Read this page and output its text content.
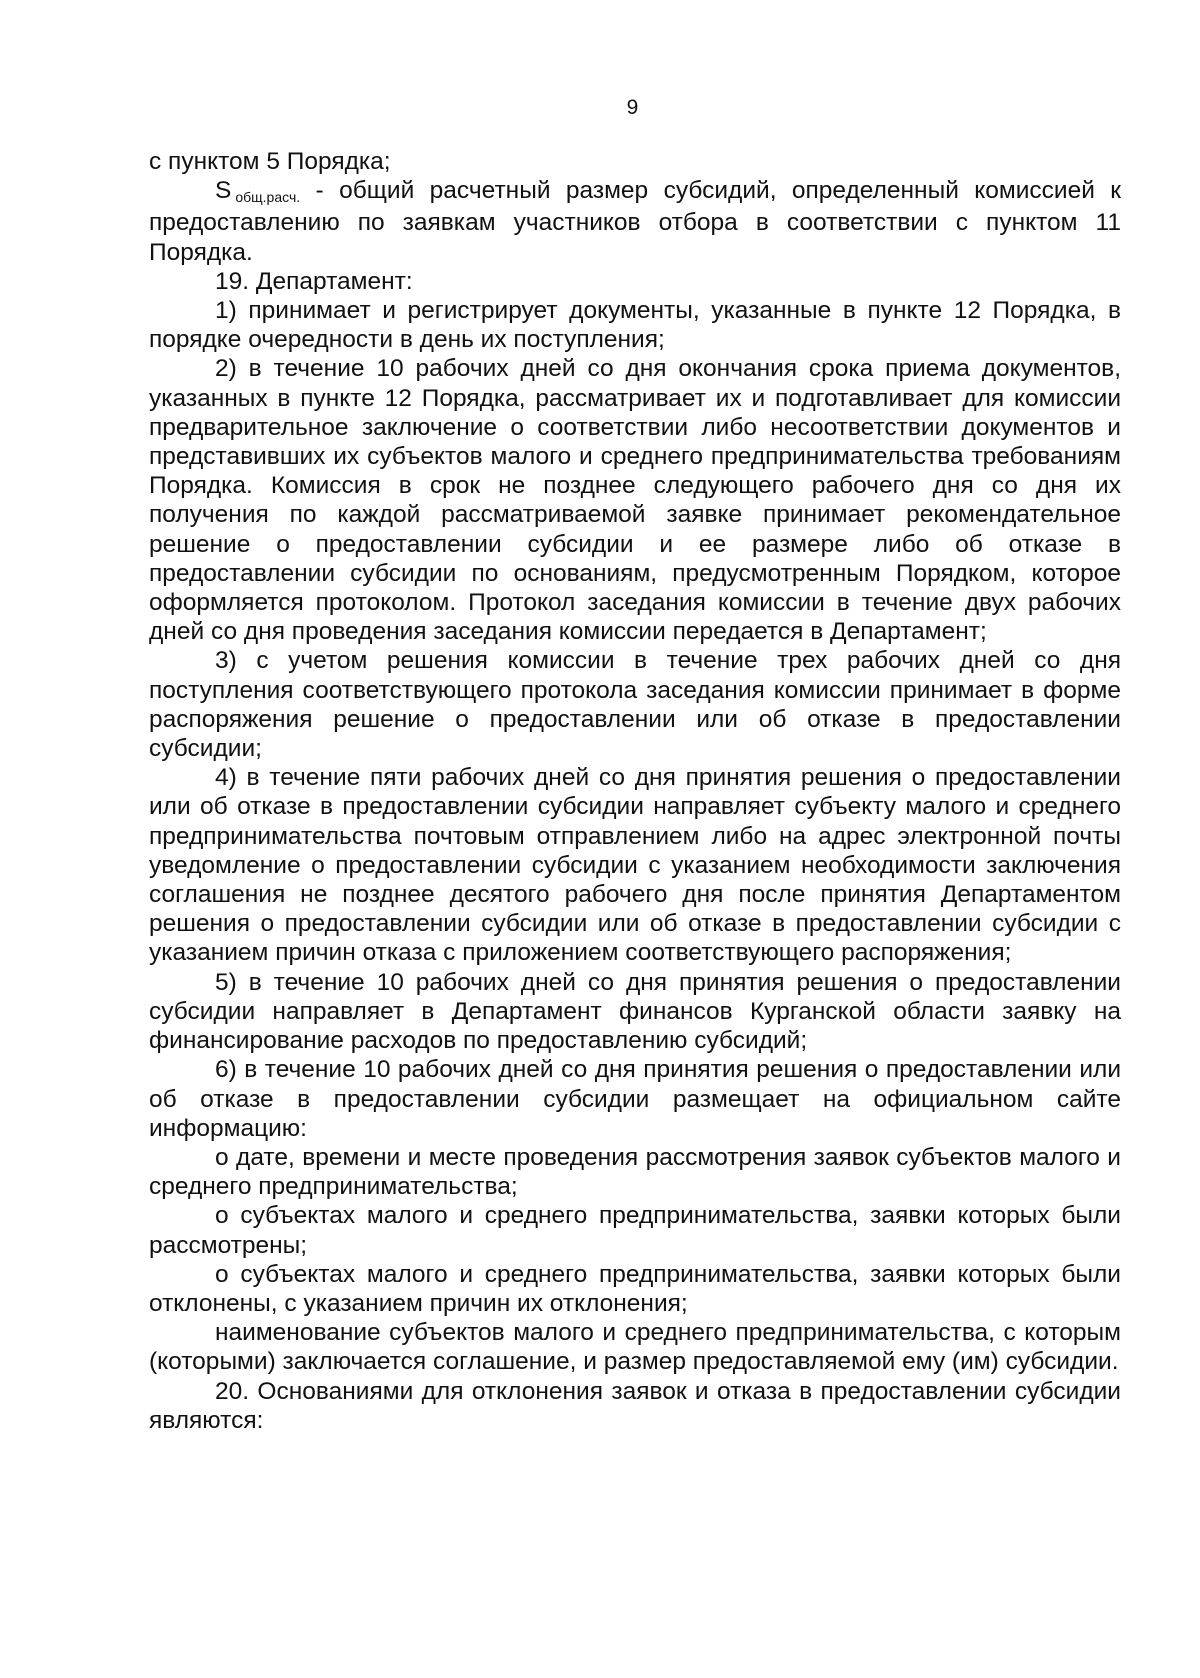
9

с пунктом 5 Порядка;

Sобщ.расч. - общий расчетный размер субсидий, определенный комиссией к предоставлению по заявкам участников отбора в соответствии с пунктом 11 Порядка.

19. Департамент:

1) принимает и регистрирует документы, указанные в пункте 12 Порядка, в порядке очередности в день их поступления;

2) в течение 10 рабочих дней со дня окончания срока приема документов, указанных в пункте 12 Порядка, рассматривает их и подготавливает для комиссии предварительное заключение о соответствии либо несоответствии документов и представивших их субъектов малого и среднего предпринимательства требованиям Порядка. Комиссия в срок не позднее следующего рабочего дня со дня их получения по каждой рассматриваемой заявке принимает рекомендательное решение о предоставлении субсидии и ее размере либо об отказе в предоставлении субсидии по основаниям, предусмотренным Порядком, которое оформляется протоколом. Протокол заседания комиссии в течение двух рабочих дней со дня проведения заседания комиссии передается в Департамент;

3) с учетом решения комиссии в течение трех рабочих дней со дня поступления соответствующего протокола заседания комиссии принимает в форме распоряжения решение о предоставлении или об отказе в предоставлении субсидии;

4) в течение пяти рабочих дней со дня принятия решения о предоставлении или об отказе в предоставлении субсидии направляет субъекту малого и среднего предпринимательства почтовым отправлением либо на адрес электронной почты уведомление о предоставлении субсидии с указанием необходимости заключения соглашения не позднее десятого рабочего дня после принятия Департаментом решения о предоставлении субсидии или об отказе в предоставлении субсидии с указанием причин отказа с приложением соответствующего распоряжения;

5) в течение 10 рабочих дней со дня принятия решения о предоставлении субсидии направляет в Департамент финансов Курганской области заявку на финансирование расходов по предоставлению субсидий;

6) в течение 10 рабочих дней со дня принятия решения о предоставлении или об отказе в предоставлении субсидии размещает на официальном сайте информацию:

о дате, времени и месте проведения рассмотрения заявок субъектов малого и среднего предпринимательства;

о субъектах малого и среднего предпринимательства, заявки которых были рассмотрены;

о субъектах малого и среднего предпринимательства, заявки которых были отклонены, с указанием причин их отклонения;

наименование субъектов малого и среднего предпринимательства, с которым (которыми) заключается соглашение, и размер предоставляемой ему (им) субсидии.

20. Основаниями для отклонения заявок и отказа в предоставлении субсидии являются:
